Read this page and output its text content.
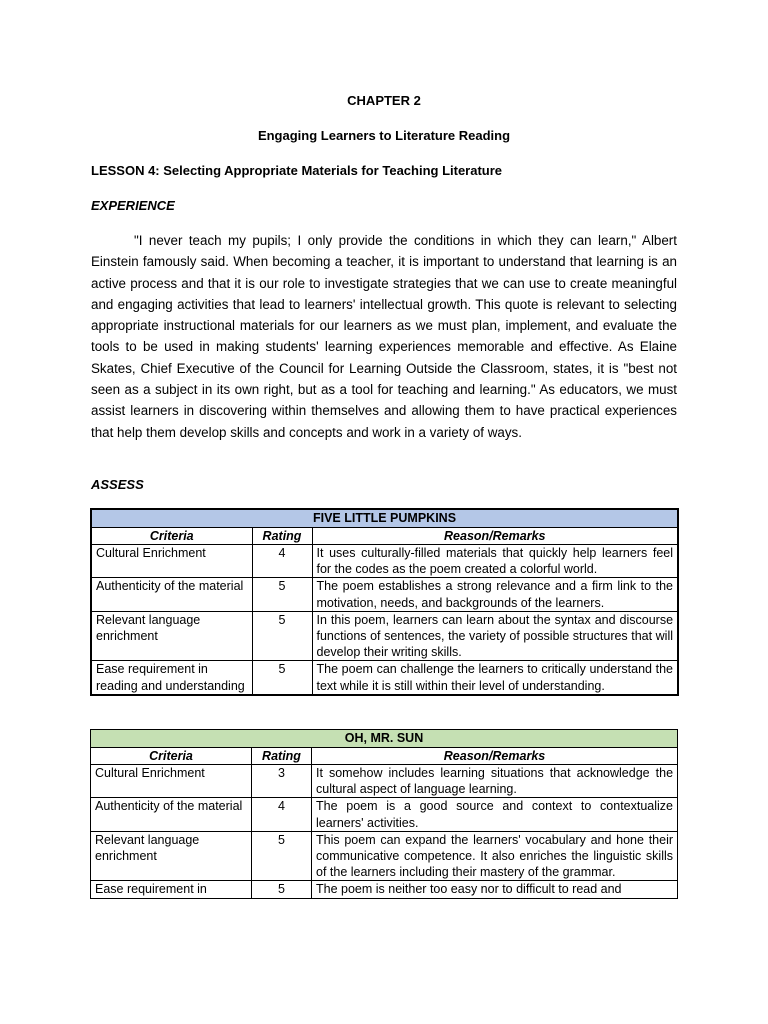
CHAPTER 2
Engaging Learners to Literature Reading
LESSON 4: Selecting Appropriate Materials for Teaching Literature
EXPERIENCE

"I never teach my pupils; I only provide the conditions in which they can learn," Albert Einstein famously said. When becoming a teacher, it is important to understand that learning is an active process and that it is our role to investigate strategies that we can use to create meaningful and engaging activities that lead to learners' intellectual growth. This quote is relevant to selecting appropriate instructional materials for our learners as we must plan, implement, and evaluate the tools to be used in making students' learning experiences memorable and effective. As Elaine Skates, Chief Executive of the Council for Learning Outside the Classroom, states, it is "best not seen as a subject in its own right, but as a tool for teaching and learning." As educators, we must assist learners in discovering within themselves and allowing them to have practical experiences that help them develop skills and concepts and work in a variety of ways.

ASSESS
FIVE LITTLE PUMPKINS		
Criteria	Rating	Reason/Remarks
Cultural Enrichment	4	It uses culturally-filled materials that quickly help learners feel for the codes as the poem created a colorful world.
Authenticity of the material	5	The poem establishes a strong relevance and a firm link to the motivation, needs, and backgrounds of the learners.
Relevant language enrichment	5	In this poem, learners can learn about the syntax and discourse functions of sentences, the variety of possible structures that will develop their writing skills.
Ease requirement in reading and understanding	5	The poem can challenge the learners to critically understand the text while it is still within their level of understanding.
OH, MR. SUN		
Criteria	Rating	Reason/Remarks
Cultural Enrichment	3	It somehow includes learning situations that acknowledge the cultural aspect of language learning.
Authenticity of the material	4	The poem is a good source and context to contextualize learners' activities.
Relevant language enrichment	5	This poem can expand the learners' vocabulary and hone their communicative competence. It also enriches the linguistic skills of the learners including their mastery of the grammar.
Ease requirement in	5	The poem is neither too easy nor to difficult to read and
